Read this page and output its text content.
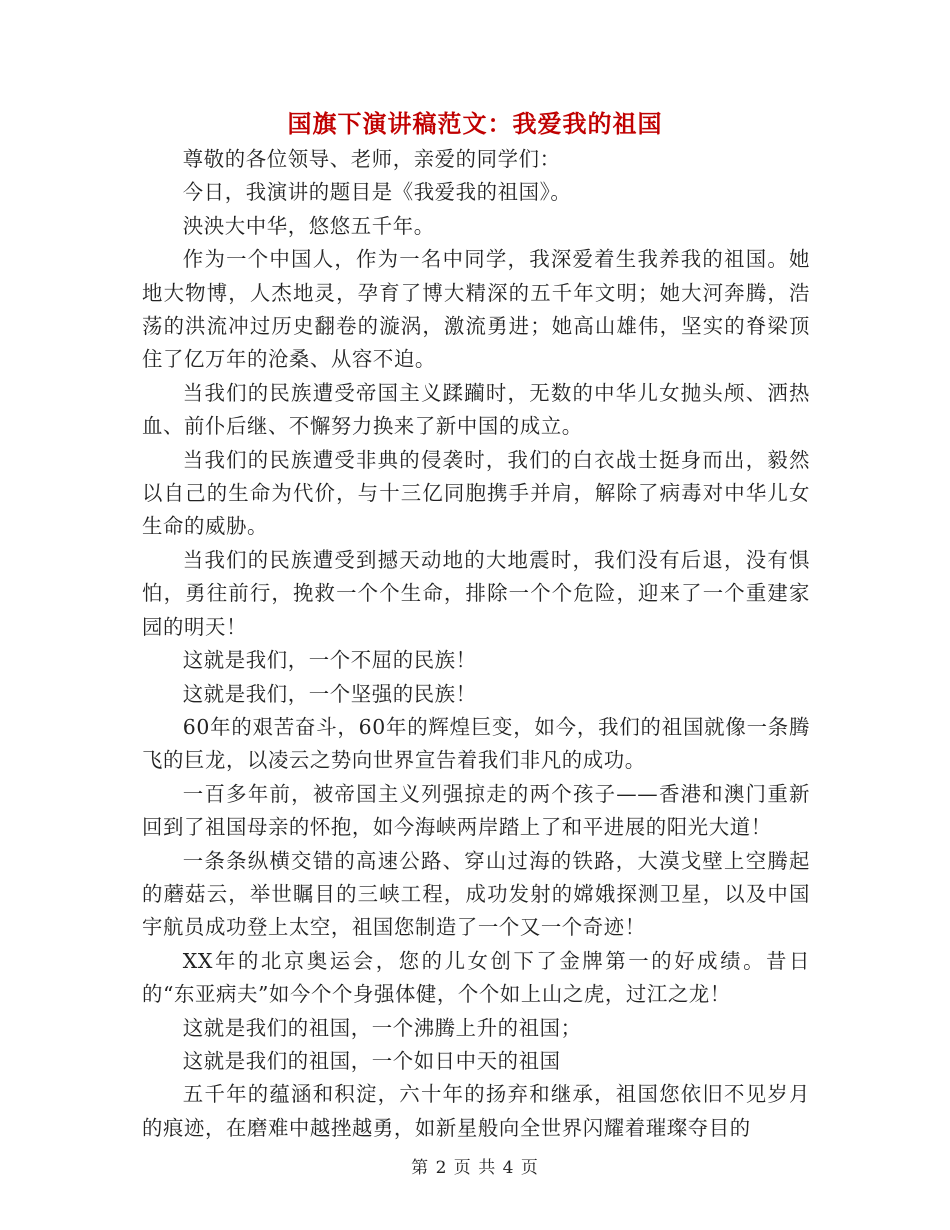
国旗下演讲稿范文：我爱我的祖国

尊敬的各位领导、老师，亲爱的同学们：

今日，我演讲的题目是《我爱我的祖国》。

泱泱大中华，悠悠五千年。

作为一个中国人，作为一名中同学，我深爱着生我养我的祖国。她地大物博，人杰地灵，孕育了博大精深的五千年文明；她大河奔腾，浩荡的洪流冲过历史翻卷的漩涡，激流勇进；她高山雄伟，坚实的脊梁顶住了亿万年的沧桑、从容不迫。

当我们的民族遭受帝国主义蹂躏时，无数的中华儿女抛头颅、洒热血、前仆后继、不懈努力换来了新中国的成立。

当我们的民族遭受非典的侵袭时，我们的白衣战士挺身而出，毅然以自己的生命为代价，与十三亿同胞携手并肩，解除了病毒对中华儿女生命的威胁。

当我们的民族遭受到撼天动地的大地震时，我们没有后退，没有惧怕，勇往前行，挽救一个个生命，排除一个个危险，迎来了一个重建家园的明天！

这就是我们，一个不屈的民族！

这就是我们，一个坚强的民族！

60年的艰苦奋斗，60年的辉煌巨变，如今，我们的祖国就像一条腾飞的巨龙，以凌云之势向世界宣告着我们非凡的成功。

一百多年前，被帝国主义列强掠走的两个孩子——香港和澳门重新回到了祖国母亲的怀抱，如今海峡两岸踏上了和平进展的阳光大道！

一条条纵横交错的高速公路、穿山过海的铁路，大漠戈壁上空腾起的蘑菇云，举世瞩目的三峡工程，成功发射的嫦娥探测卫星，以及中国宇航员成功登上太空，祖国您制造了一个又一个奇迹！

XX年的北京奥运会，您的儿女创下了金牌第一的好成绩。昔日的“东亚病夫”如今个个身强体健，个个如上山之虎，过江之龙！

这就是我们的祖国，一个沸腾上升的祖国；

这就是我们的祖国，一个如日中天的祖国

五千年的蕴涵和积淀，六十年的扬弃和继承，祖国您依旧不见岁月的痕迹，在磨难中越挫越勇，如新星般向全世界闪耀着璀璨夺目的

第 2 页 共 4 页
